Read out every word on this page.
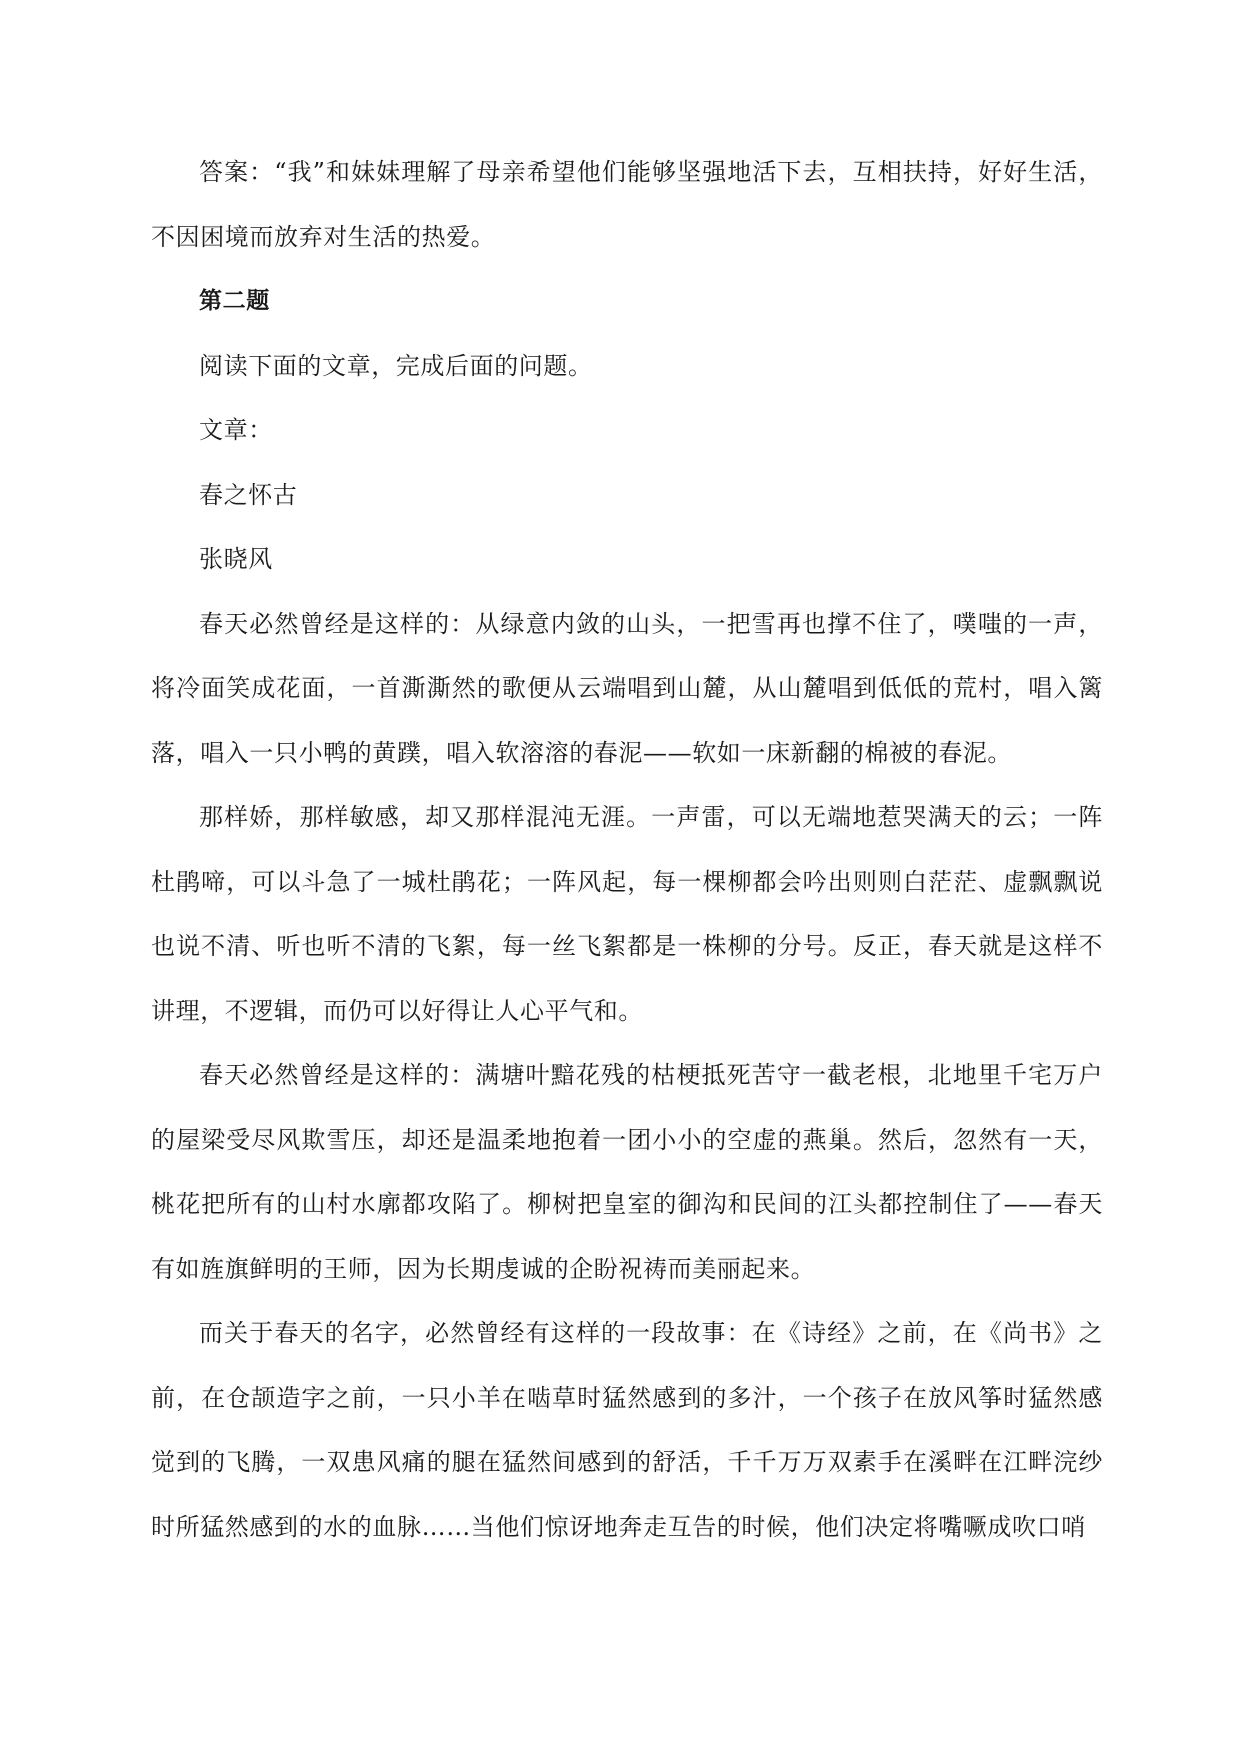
答案：“我”和妹妹理解了母亲希望他们能够坚强地活下去，互相扶持，好好生活，不因困境而放弃对生活的热爱。

第二题

阅读下面的文章，完成后面的问题。

文章：

春之怀古

张晓风

春天必然曾经是这样的：从绿意内敛的山头，一把雪再也撑不住了，噗嗤的一声，将冷面笑成花面，一首澌澌然的歌便从云端唱到山麓，从山麓唱到低低的荒村，唱入篱落，唱入一只小鸭的黄蹼，唱入软溶溶的春泥——软如一床新翻的棉被的春泥。

那样娇，那样敏感，却又那样混沌无涯。一声雷，可以无端地惹哭满天的云；一阵杜鹃啼，可以斗急了一城杜鹃花；一阵风起，每一棵柳都会吟出则则白茫茫、虚飘飘说也说不清、听也听不清的飞絮，每一丝飞絮都是一株柳的分号。反正，春天就是这样不讲理，不逻辑，而仍可以好得让人心平气和。

春天必然曾经是这样的：满塘叶黯花残的枯梗抵死苦守一截老根，北地里千宅万户的屋梁受尽风欺雪压，却还是温柔地抱着一团小小的空虚的燕巢。然后，忽然有一天，桃花把所有的山村水廓都攻陷了。柳树把皇室的御沟和民间的江头都控制住了——春天有如旌旗鲜明的王师，因为长期虔诚的企盼祝祷而美丽起来。

而关于春天的名字，必然曾经有这样的一段故事：在《诗经》之前，在《尚书》之前，在仓颉造字之前，一只小羊在啮草时猛然感到的多汁，一个孩子在放风筝时猛然感觉到的飞腾，一双患风痛的腿在猛然间感到的舒活，千千万万双素手在溪畔在江畔浣纱时所猛然感到的水的血脉……当他们惊讶地奔走互告的时候，他们决定将嘴噘成吹口哨
